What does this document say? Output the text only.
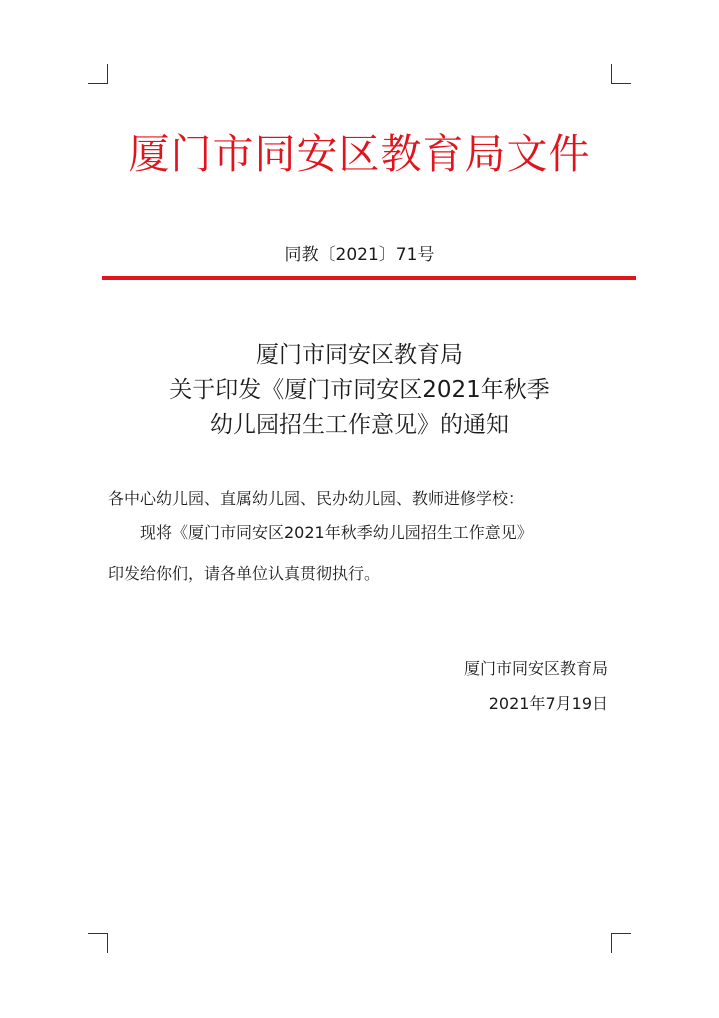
厦门市同安区教育局文件
同教〔2021〕71号
厦门市同安区教育局
关于印发《厦门市同安区2021年秋季
幼儿园招生工作意见》的通知
各中心幼儿园、直属幼儿园、民办幼儿园、教师进修学校：
现将《厦门市同安区2021年秋季幼儿园招生工作意见》
印发给你们，请各单位认真贯彻执行。
厦门市同安区教育局
2021年7月19日
